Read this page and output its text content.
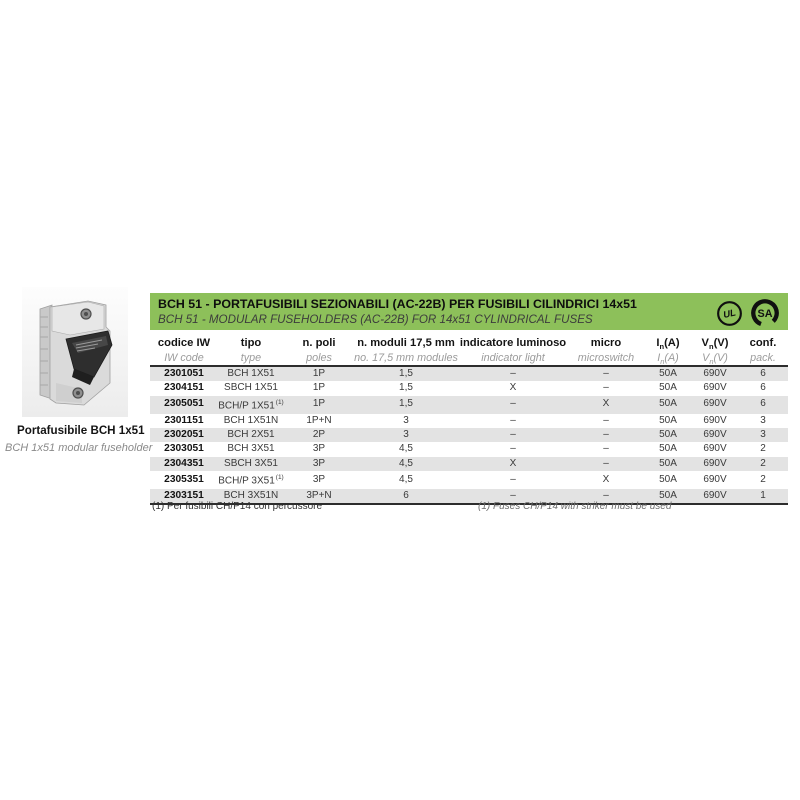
Portafusibile BCH 1x51
BCH 1x51 modular fuseholder
BCH 51 - PORTAFUSIBILI SEZIONABILI (AC-22B) PER FUSIBILI CILINDRICI 14x51
BCH 51 - MODULAR FUSEHOLDERS (AC-22B) FOR 14x51 CYLINDRICAL FUSES	UL SA
codice IW	tipo	n. poli	n. moduli 17,5 mm	indicatore luminoso	micro	$I_n(A)$	$V_n(V)$	conf.
IW code	type	poles	no. 17,5 mm modules	indicator light	microswitch	$I_n(A)$	$V_n(V)$	pack.
2301051	BCH 1X51	1P	1,5	–	–	50A	690V	6
2304151	SBCH 1X51	1P	1,5	X	–	50A	690V	6
2305051	BCH/P 1X51$^{(1)}$	1P	1,5	–	X	50A	690V	6
2301151	BCH 1X51N	1P+N	3	–	–	50A	690V	3
2302051	BCH 2X51	2P	3	–	–	50A	690V	3
2303051	BCH 3X51	3P	4,5	–	–	50A	690V	2
2304351	SBCH 3X51	3P	4,5	X	–	50A	690V	2
2305351	BCH/P 3X51$^{(1)}$	3P	4,5	–	X	50A	690V	2
2303151	BCH 3X51N	3P+N	6	–	–	50A	690V	1
(1) Per fusibili CH/P14 con percussore	(1) Fuses CH/P14 with striker must be used
